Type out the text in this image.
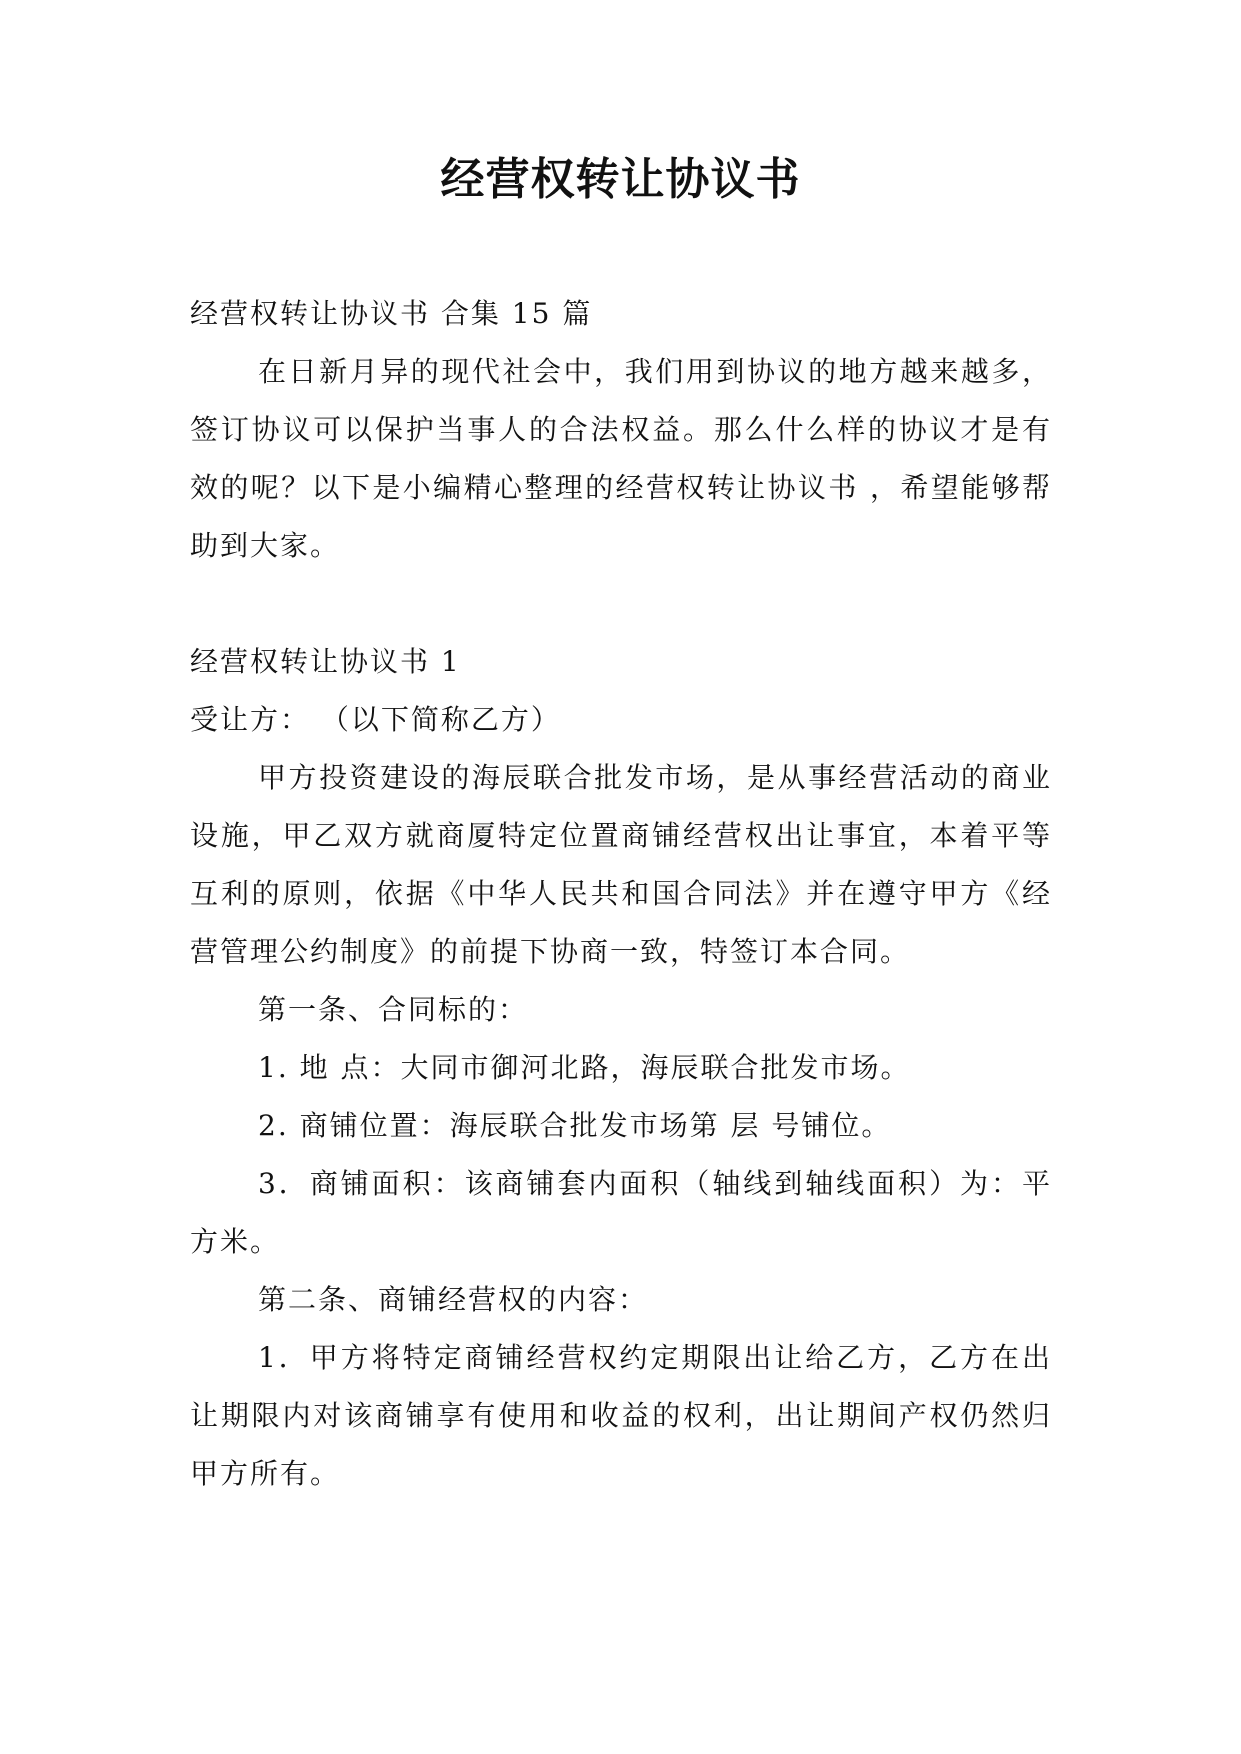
经营权转让协议书

经营权转让协议书 合集 15 篇

在日新月异的现代社会中，我们用到协议的地方越来越多，签订协议可以保护当事人的合法权益。那么什么样的协议才是有效的呢？以下是小编精心整理的经营权转让协议书 ，希望能够帮助到大家。

经营权转让协议书 1

受让方： （以下简称乙方）

甲方投资建设的海辰联合批发市场，是从事经营活动的商业设施，甲乙双方就商厦特定位置商铺经营权出让事宜，本着平等互利的原则，依据《中华人民共和国合同法》并在遵守甲方《经营管理公约制度》的前提下协商一致，特签订本合同。

第一条、合同标的：

1. 地 点：大同市御河北路，海辰联合批发市场。

2. 商铺位置：海辰联合批发市场第 层 号铺位。

3．商铺面积：该商铺套内面积（轴线到轴线面积）为：平方米。

第二条、商铺经营权的内容：

1．甲方将特定商铺经营权约定期限出让给乙方，乙方在出让期限内对该商铺享有使用和收益的权利，出让期间产权仍然归甲方所有。
